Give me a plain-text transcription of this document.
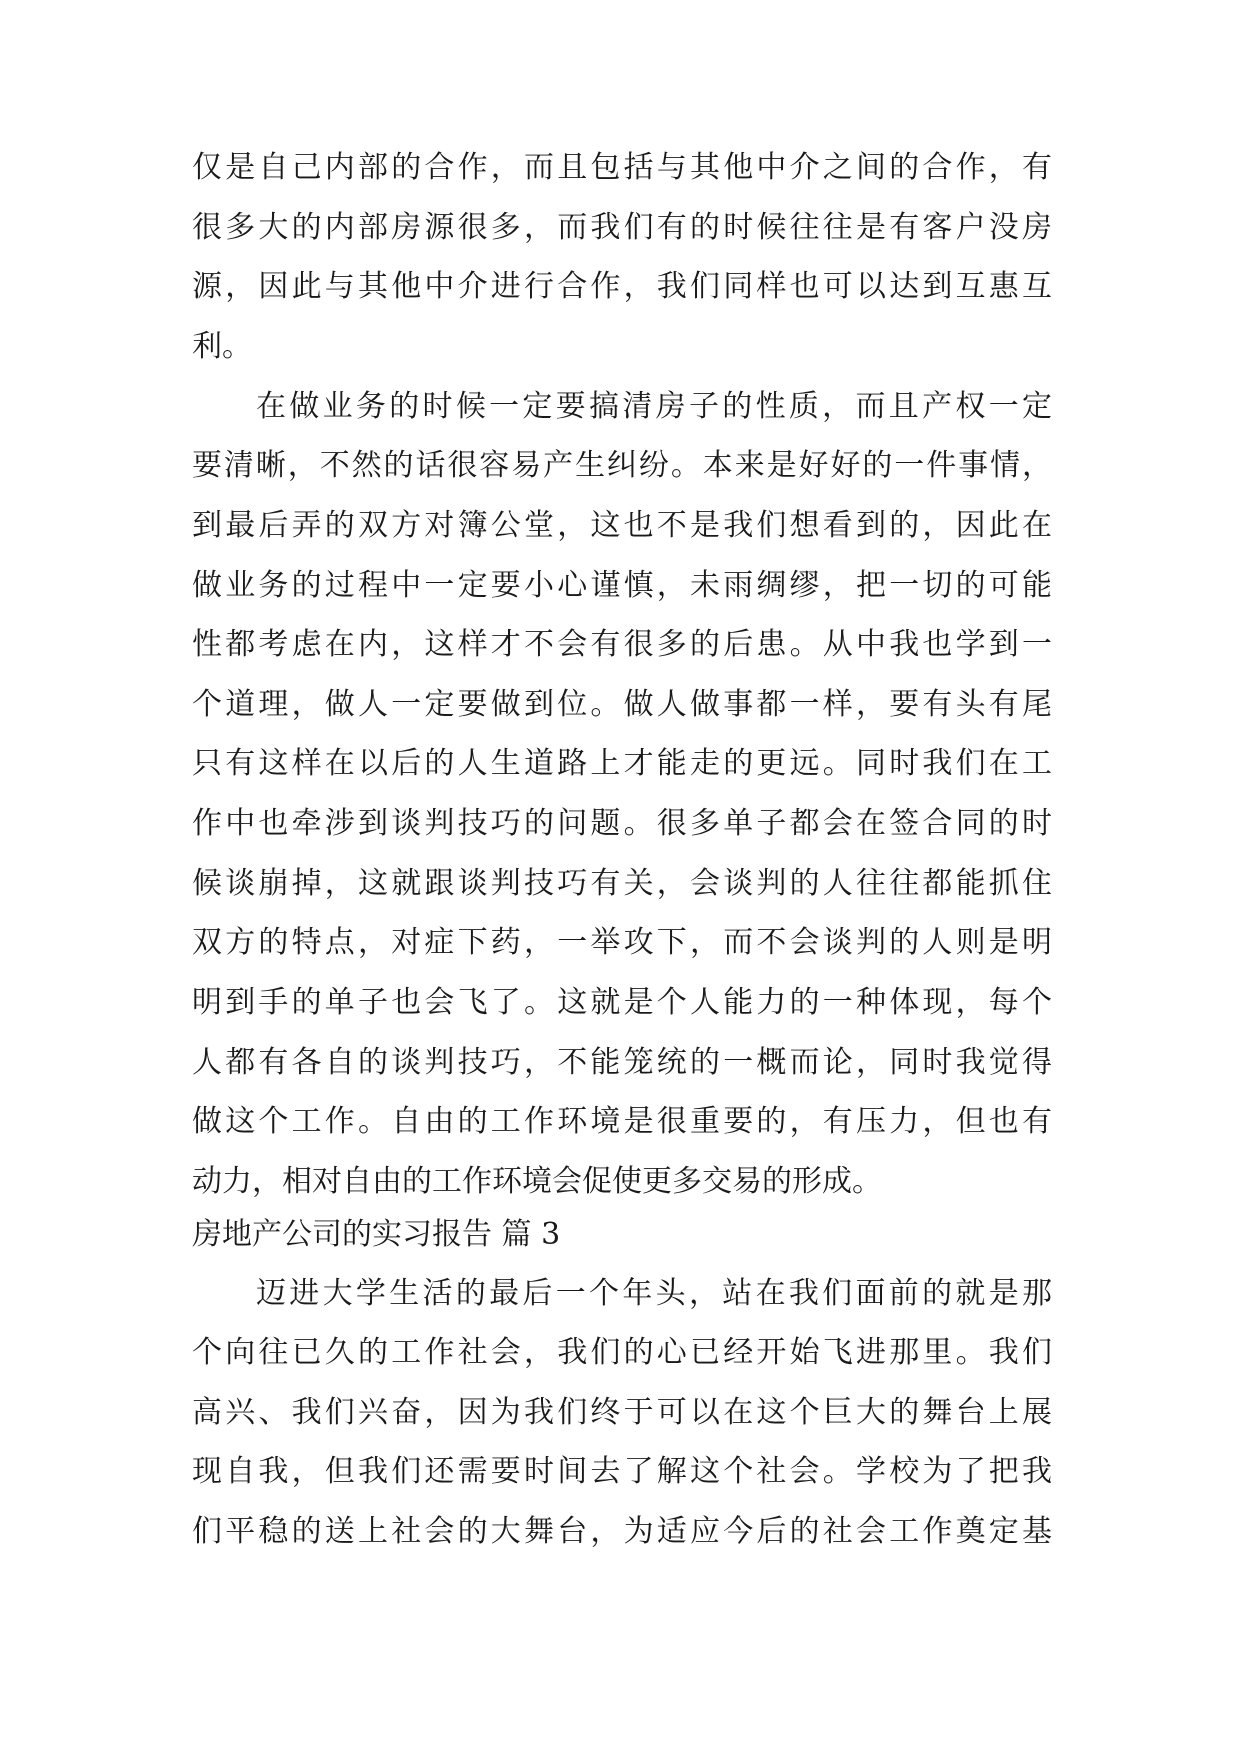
仅是自己内部的合作，而且包括与其他中介之间的合作，有
很多大的内部房源很多，而我们有的时候往往是有客户没房
源，因此与其他中介进行合作，我们同样也可以达到互惠互
利。
在做业务的时候一定要搞清房子的性质，而且产权一定
要清晰，不然的话很容易产生纠纷。本来是好好的一件事情，
到最后弄的双方对簿公堂，这也不是我们想看到的，因此在
做业务的过程中一定要小心谨慎，未雨绸缪，把一切的可能
性都考虑在内，这样才不会有很多的后患。从中我也学到一
个道理，做人一定要做到位。做人做事都一样，要有头有尾
只有这样在以后的人生道路上才能走的更远。同时我们在工
作中也牵涉到谈判技巧的问题。很多单子都会在签合同的时
候谈崩掉，这就跟谈判技巧有关，会谈判的人往往都能抓住
双方的特点，对症下药，一举攻下，而不会谈判的人则是明
明到手的单子也会飞了。这就是个人能力的一种体现，每个
人都有各自的谈判技巧，不能笼统的一概而论，同时我觉得
做这个工作。自由的工作环境是很重要的，有压力，但也有
动力，相对自由的工作环境会促使更多交易的形成。
房地产公司的实习报告 篇 3
迈进大学生活的最后一个年头，站在我们面前的就是那
个向往已久的工作社会，我们的心已经开始飞进那里。我们
高兴、我们兴奋，因为我们终于可以在这个巨大的舞台上展
现自我，但我们还需要时间去了解这个社会。学校为了把我
们平稳的送上社会的大舞台，为适应今后的社会工作奠定基
